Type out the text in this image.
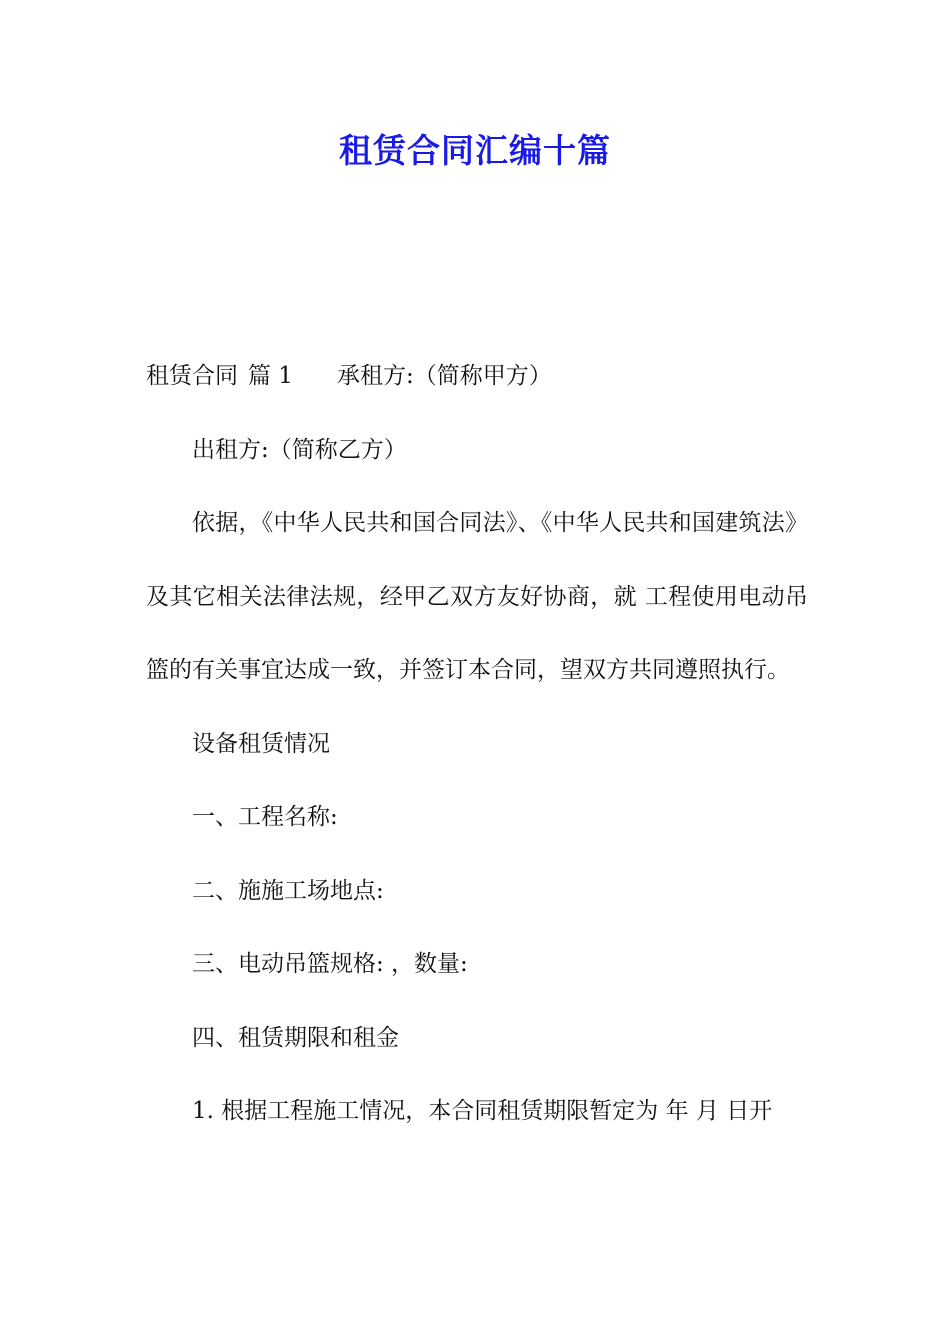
租赁合同汇编十篇

租赁合同 篇 1 承租方:（简称甲方）

出租方:（简称乙方）

依据，《中华人民共和国合同法》、《中华人民共和国建筑法》及其它相关法律法规，经甲乙双方友好协商，就 工程使用电动吊篮的有关事宜达成一致，并签订本合同，望双方共同遵照执行。

设备租赁情况

一、工程名称:

二、施施工场地点:

三、电动吊篮规格: ，数量:

四、租赁期限和租金

1. 根据工程施工情况，本合同租赁期限暂定为 年 月 日开
